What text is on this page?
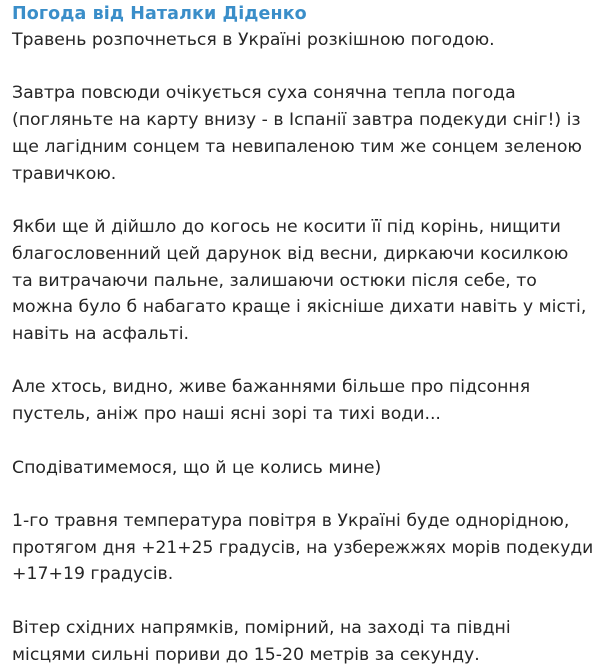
Погода від Наталки Діденко
Травень розпочнеться в Україні розкішною погодою.
Завтра повсюди очікується суха сонячна тепла погода
(погляньте на карту внизу - в Іспанії завтра подекуди сніг!) із
ще лагідним сонцем та невипаленою тим же сонцем зеленою
травичкою.
Якби ще й дійшло до когось не косити її під корінь, нищити
благословенний цей дарунок від весни, диркаючи косилкою
та витрачаючи пальне, залишаючи остюки після себе, то
можна було б набагато краще і якісніше дихати навіть у місті,
навіть на асфальті.
Але хтось, видно, живе бажаннями більше про підсоння
пустель, аніж про наші ясні зорі та тихі води...
Сподіватимемося, що й це колись мине)
1-го травня температура повітря в Україні буде однорідною,
протягом дня +21+25 градусів, на узбережжях морів подекуди
+17+19 градусів.
Вітер східних напрямків, помірний, на заході та півдні
місцями сильні пориви до 15-20 метрів за секунду.
